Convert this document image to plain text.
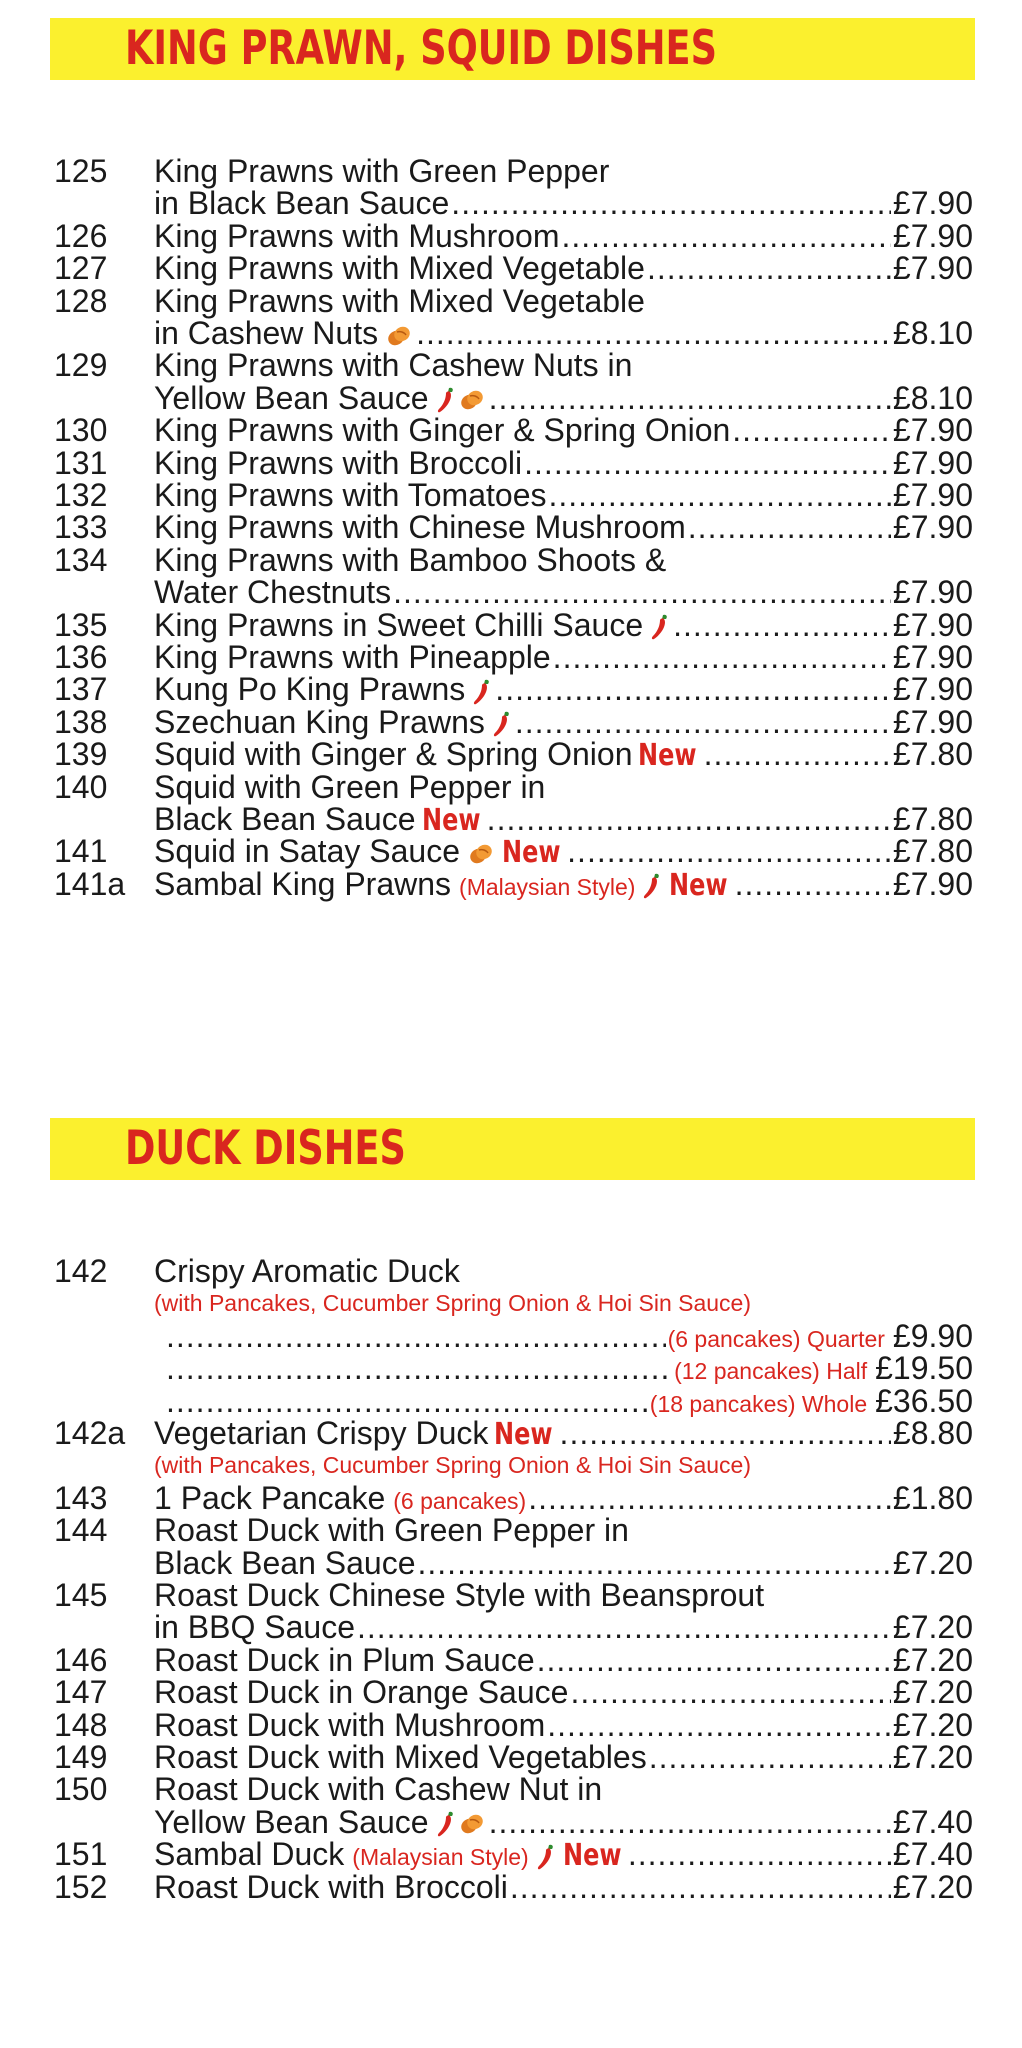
KING PRAWN, SQUID DISHES
125	King Prawns with Green Pepper
in Black Bean Sauce .....	£7.90
126	King Prawns with Mushroom .....	£7.90
127	King Prawns with Mixed Vegetable .....	£7.90
128	King Prawns with Mixed Vegetable
in Cashew Nuts .....	£8.10
129	King Prawns with Cashew Nuts in
Yellow Bean Sauce .....	£8.10
130	King Prawns with Ginger & Spring Onion .....	£7.90
131	King Prawns with Broccoli .....	£7.90
132	King Prawns with Tomatoes .....	£7.90
133	King Prawns with Chinese Mushroom .....	£7.90
134	King Prawns with Bamboo Shoots &
Water Chestnuts .....	£7.90
135	King Prawns in Sweet Chilli Sauce .....	£7.90
136	King Prawns with Pineapple .....	£7.90
137	Kung Po King Prawns .....	£7.90
138	Szechuan King Prawns .....	£7.90
139	Squid with Ginger & Spring Onion New .....	£7.80
140	Squid with Green Pepper in
Black Bean Sauce New .....	£7.80
141	Squid in Satay Sauce New .....	£7.80
141a Sambal King Prawns (Malaysian Style) New .....	£7.90
DUCK DISHES
142	Crispy Aromatic Duck
(with Pancakes, Cucumber Spring Onion & Hoi Sin Sauce)
.....
(6 pancakes) Quarter £9.90
.....
(12 pancakes) Half £19.50
.....
(18 pancakes) Whole £36.50
142a Vegetarian Crispy Duck New .....	£8.80
(with Pancakes, Cucumber Spring Onion & Hoi Sin Sauce)
143	1 Pack Pancake (6 pancakes) .....	£1.80
144	Roast Duck with Green Pepper in
Black Bean Sauce .....	£7.20
145	Roast Duck Chinese Style with Beansprout
in BBQ Sauce .....	£7.20
146	Roast Duck in Plum Sauce .....	£7.20
147	Roast Duck in Orange Sauce .....	£7.20
148	Roast Duck with Mushroom .....	£7.20
149	Roast Duck with Mixed Vegetables .....	£7.20
150	Roast Duck with Cashew Nut in
Yellow Bean Sauce .....	£7.40
151	Sambal Duck (Malaysian Style) New .....	£7.40
152	Roast Duck with Broccoli .....	£7.20
